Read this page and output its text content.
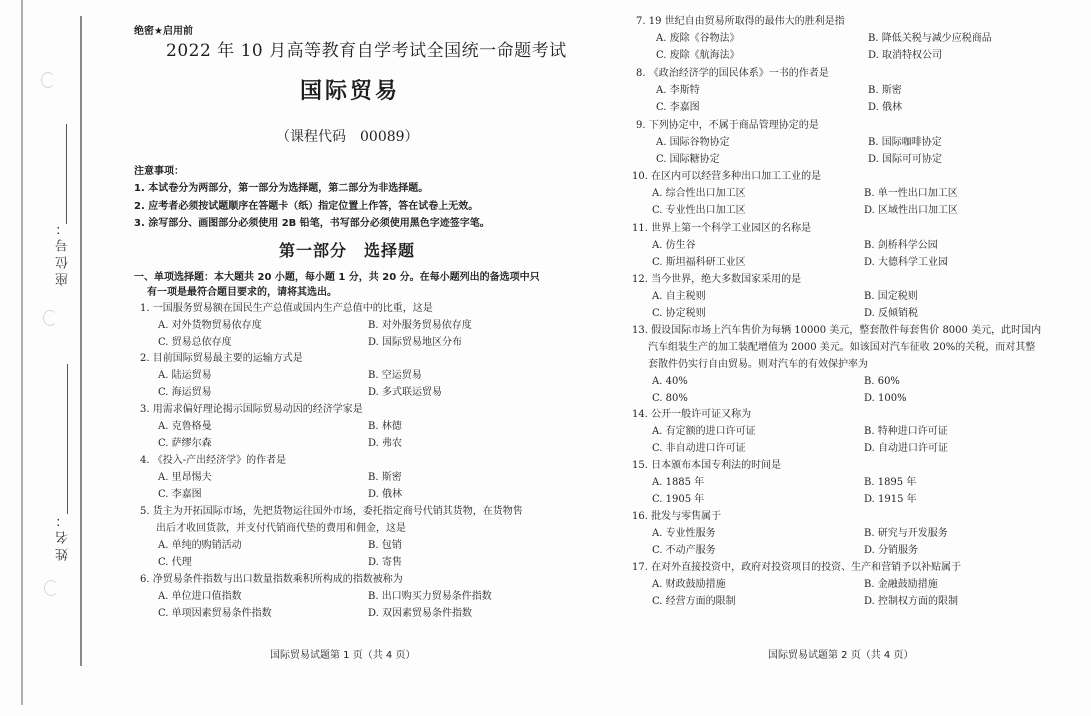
座位号：
姓名：
绝密★启用前
2022 年 10 月高等教育自学考试全国统一命题考试
国际贸易
（课程代码　00089）
注意事项：
1. 本试卷分为两部分，第一部分为选择题，第二部分为非选择题。
2. 应考者必须按试题顺序在答题卡（纸）指定位置上作答，答在试卷上无效。
3. 涂写部分、画图部分必须使用 2B 铅笔，书写部分必须使用黑色字迹签字笔。
第一部分　选择题
一、单项选择题：本大题共 20 小题，每小题 1 分，共 20 分。在每小题列出的备选项中只
有一项是最符合题目要求的，请将其选出。
1. 一国服务贸易额在国民生产总值或国内生产总值中的比重，这是
A. 对外货物贸易依存度	B. 对外服务贸易依存度
C. 贸易总依存度	D. 国际贸易地区分布
2. 目前国际贸易最主要的运输方式是
A. 陆运贸易	B. 空运贸易
C. 海运贸易	D. 多式联运贸易
3. 用需求偏好理论揭示国际贸易动因的经济学家是
A. 克鲁格曼	B. 林德
C. 萨缪尔森	D. 弗农
4. 《投入-产出经济学》的作者是
A. 里昂惕夫	B. 斯密
C. 李嘉图	D. 俄林
5. 货主为开拓国际市场，先把货物运往国外市场，委托指定商号代销其货物，在货物售
出后才收回货款，并支付代销商代垫的费用和佣金，这是
A. 单纯的购销活动	B. 包销
C. 代理	D. 寄售
6. 净贸易条件指数与出口数量指数乘积所构成的指数被称为
A. 单位进口值指数	B. 出口购买力贸易条件指数
C. 单项因素贸易条件指数	D. 双因素贸易条件指数
国际贸易试题第 1 页（共 4 页）
7. 19 世纪自由贸易所取得的最伟大的胜利是指
A. 废除《谷物法》	B. 降低关税与减少应税商品
C. 废除《航海法》	D. 取消特权公司
8. 《政治经济学的国民体系》一书的作者是
A. 李斯特	B. 斯密
C. 李嘉图	D. 俄林
9. 下列协定中，不属于商品管理协定的是
A. 国际谷物协定	B. 国际咖啡协定
C. 国际糖协定	D. 国际可可协定
10. 在区内可以经营多种出口加工工业的是
A. 综合性出口加工区	B. 单一性出口加工区
C. 专业性出口加工区	D. 区域性出口加工区
11. 世界上第一个科学工业园区的名称是
A. 仿生谷	B. 剑桥科学公园
C. 斯坦福科研工业区	D. 大德科学工业园
12. 当今世界，绝大多数国家采用的是
A. 自主税则	B. 国定税则
C. 协定税则	D. 反倾销税
13. 假设国际市场上汽车售价为每辆 10000 美元，整套散件每套售价 8000 美元，此时国内
汽车组装生产的加工装配增值为 2000 美元。如该国对汽车征收 20%的关税，而对其整
套散件仍实行自由贸易。则对汽车的有效保护率为
A. 40%	B. 60%
C. 80%	D. 100%
14. 公开一般许可证又称为
A. 有定额的进口许可证	B. 特种进口许可证
C. 非自动进口许可证	D. 自动进口许可证
15. 日本颁布本国专利法的时间是
A. 1885 年	B. 1895 年
C. 1905 年	D. 1915 年
16. 批发与零售属于
A. 专业性服务	B. 研究与开发服务
C. 不动产服务	D. 分销服务
17. 在对外直接投资中，政府对投资项目的投资、生产和营销予以补贴属于
A. 财政鼓励措施	B. 金融鼓励措施
C. 经营方面的限制	D. 控制权方面的限制
国际贸易试题第 2 页（共 4 页）
